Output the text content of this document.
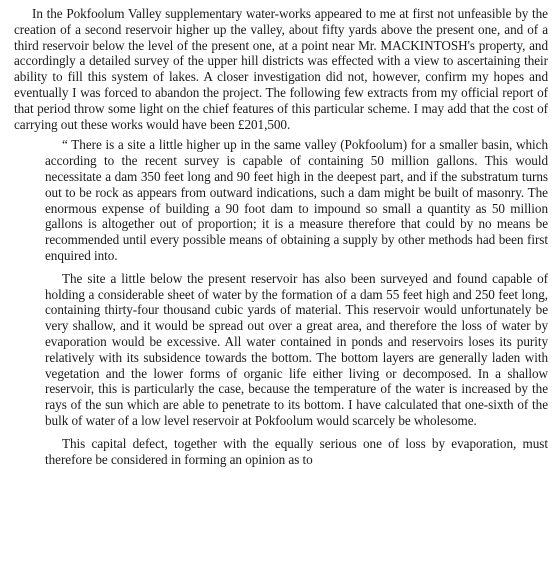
In the Pokfoolum Valley supplementary water-works appeared to me at first not unfeasible by the creation of a second reservoir higher up the valley, about fifty yards above the present one, and of a third reservoir below the level of the present one, at a point near Mr. MACKINTOSH's property, and accordingly a detailed survey of the upper hill districts was effected with a view to ascertaining their ability to fill this system of lakes. A closer investigation did not, however, confirm my hopes and eventually I was forced to abandon the project. The following few extracts from my official report of that period throw some light on the chief features of this particular scheme. I may add that the cost of carrying out these works would have been £201,500.

“ There is a site a little higher up in the same valley (Pokfoolum) for a smaller basin, which according to the recent survey is capable of containing 50 million gallons. This would necessitate a dam 350 feet long and 90 feet high in the deepest part, and if the substratum turns out to be rock as appears from outward indications, such a dam might be built of masonry. The enormous expense of building a 90 foot dam to impound so small a quantity as 50 million gallons is altogether out of proportion; it is a measure therefore that could by no means be recommended until every possible means of obtaining a supply by other methods had been first enquired into.

The site a little below the present reservoir has also been surveyed and found capable of holding a considerable sheet of water by the formation of a dam 55 feet high and 250 feet long, containing thirty-four thousand cubic yards of material. This reservoir would unfortunately be very shallow, and it would be spread out over a great area, and therefore the loss of water by evaporation would be excessive. All water contained in ponds and reservoirs loses its purity relatively with its subsidence towards the bottom. The bottom layers are generally laden with vegetation and the lower forms of organic life either living or decomposed. In a shallow reservoir, this is particularly the case, because the temperature of the water is increased by the rays of the sun which are able to penetrate to its bottom. I have calculated that one-sixth of the bulk of water of a low level reservoir at Pokfoolum would scarcely be wholesome.

This capital defect, together with the equally serious one of loss by evaporation, must therefore be considered in forming an opinion as to
